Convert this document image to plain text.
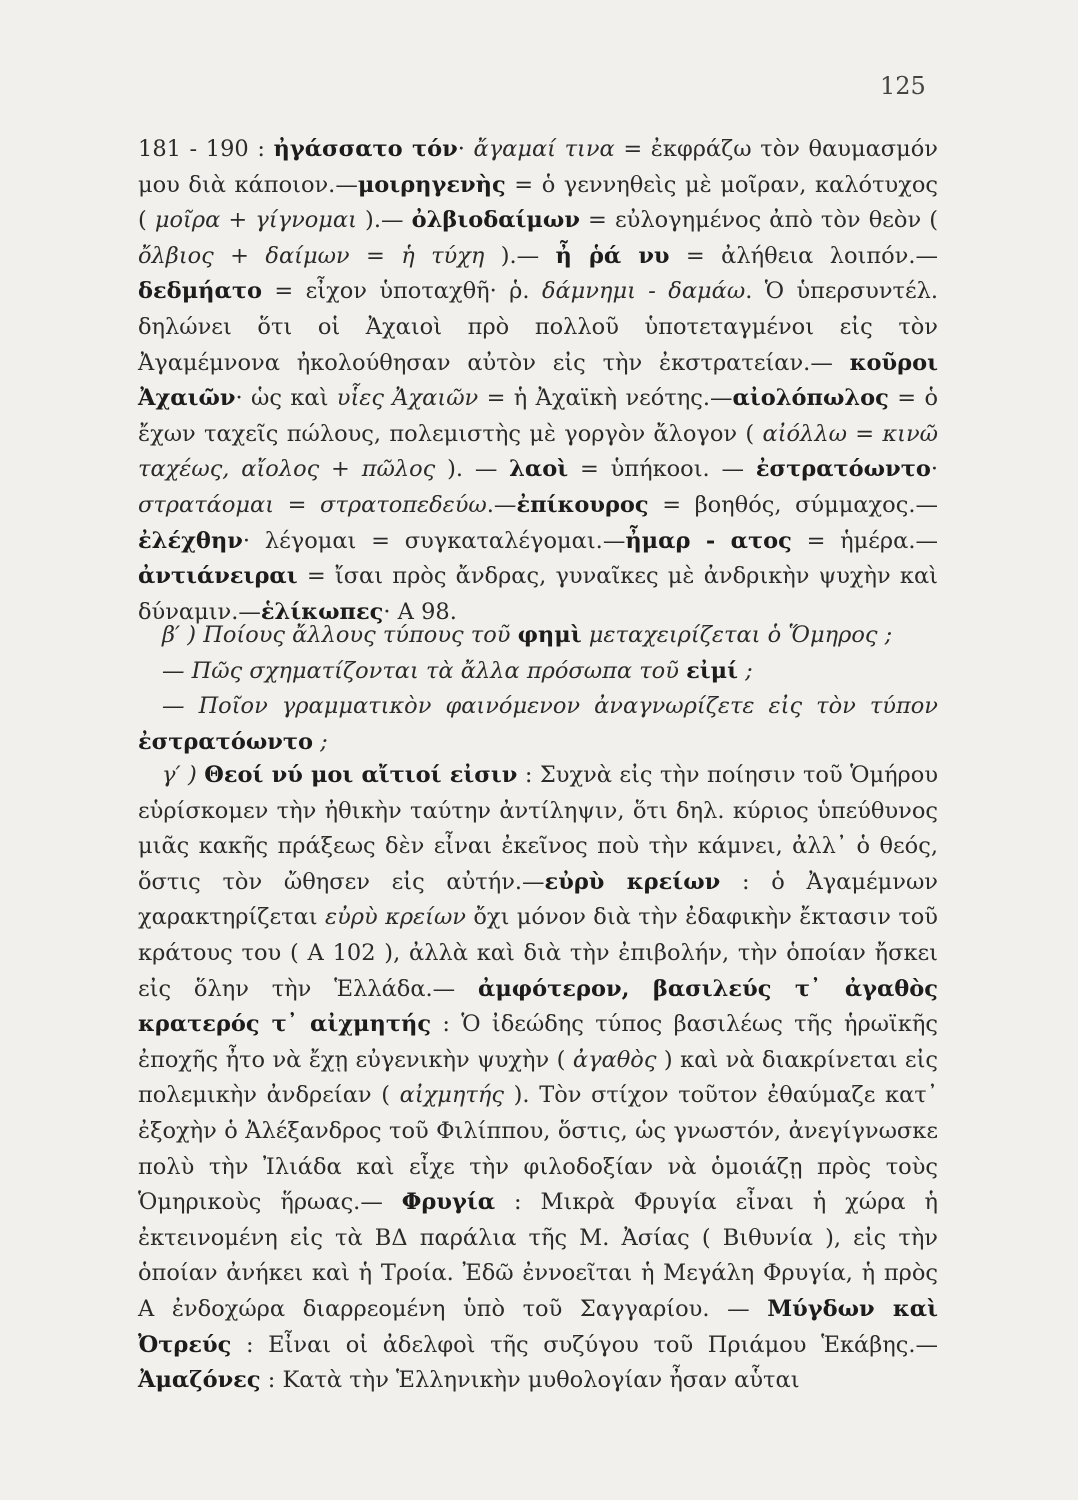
125

181 - 190 : ἠγάσσατο τόν· ἄγαμαί τινα = ἐκφράζω τὸν θαυμασμόν μου διὰ κάποιον.—μοιρηγενὴς = ὁ γεννηθεὶς μὲ μοῖραν, καλότυχος ( μοῖρα + γίγνομαι ).— ὀλβιοδαίμων = εὐλογημένος ἀπὸ τὸν θεὸν ( ὄλβιος + δαίμων = ἡ τύχη ).— ἦ ῥά νυ = ἀλήθεια λοιπόν.— δεδμήατο = εἶχον ὑποταχθῆ· ῥ. δάμνημι - δαμάω. Ὁ ὑπερσυντέλ. δηλώνει ὅτι οἱ Ἀχαιοὶ πρὸ πολλοῦ ὑποτεταγμένοι εἰς τὸν Ἀγαμέμνονα ἠκολούθησαν αὐτὸν εἰς τὴν ἐκστρατείαν.— κοῦροι Ἀχαιῶν· ὡς καὶ υἷες Ἀχαιῶν = ἡ Ἀχαϊκὴ νεότης.—αἰολόπωλος = ὁ ἔχων ταχεῖς πώλους, πολεμιστὴς μὲ γοργὸν ἄλογον ( αἰόλλω = κινῶ ταχέως, αἴολος + πῶλος ). — λαοὶ = ὑπήκοοι. — ἐστρατόωντο· στρατάομαι = στρατοπεδεύω.—ἐπίκουρος = βοηθός, σύμμαχος.— ἐλέχθην· λέγομαι = συγκαταλέγομαι.—ἦμαρ - ατος = ἡμέρα.— ἀντιάνειραι = ἴσαι πρὸς ἄνδρας, γυναῖκες μὲ ἀνδρικὴν ψυχὴν καὶ δύναμιν.—ἑλίκωπες· Α 98.

β′ ) Ποίους ἄλλους τύπους τοῦ φημὶ μεταχειρίζεται ὁ Ὅμηρος ;

— Πῶς σχηματίζονται τὰ ἄλλα πρόσωπα τοῦ εἰμί ;

— Ποῖον γραμματικὸν φαινόμενον ἀναγνωρίζετε εἰς τὸν τύπον ἐστρατόωντο ;

γ′ ) Θεοί νύ μοι αἴτιοί εἰσιν : Συχνὰ εἰς τὴν ποίησιν τοῦ Ὁμήρου εὑρίσκομεν τὴν ἠθικὴν ταύτην ἀντίληψιν, ὅτι δηλ. κύριος ὑπεύθυνος μιᾶς κακῆς πράξεως δὲν εἶναι ἐκεῖνος ποὺ τὴν κάμνει, ἀλλ᾽ ὁ θεός, ὅστις τὸν ὤθησεν εἰς αὐτήν.—εὐρὺ κρείων : ὁ Ἀγαμέμνων χαρακτηρίζεται εὐρὺ κρείων ὄχι μόνον διὰ τὴν ἐδαφικὴν ἔκτασιν τοῦ κράτους του ( Α 102 ), ἀλλὰ καὶ διὰ τὴν ἐπιβολήν, τὴν ὁποίαν ἤσκει εἰς ὅλην τὴν Ἑλλάδα.— ἀμφότερον, βασιλεύς τ᾽ ἀγαθὸς κρατερός τ᾽ αἰχμητής : Ὁ ἰδεώδης τύπος βασιλέως τῆς ἡρωϊκῆς ἐποχῆς ἦτο νὰ ἔχῃ εὐγενικὴν ψυχὴν ( ἀγαθὸς ) καὶ νὰ διακρίνεται εἰς πολεμικὴν ἀνδρείαν ( αἰχμητής ). Τὸν στίχον τοῦτον ἐθαύμαζε κατ᾽ ἐξοχὴν ὁ Ἀλέξανδρος τοῦ Φιλίππου, ὅστις, ὡς γνωστόν, ἀνεγίγνωσκε πολὺ τὴν Ἰλιάδα καὶ εἶχε τὴν φιλοδοξίαν νὰ ὁμοιάζῃ πρὸς τοὺς Ὁμηρικοὺς ἥρωας.— Φρυγία : Μικρὰ Φρυγία εἶναι ἡ χώρα ἡ ἐκτεινομένη εἰς τὰ ΒΔ παράλια τῆς Μ. Ἀσίας ( Βιθυνία ), εἰς τὴν ὁποίαν ἀνήκει καὶ ἡ Τροία. Ἐδῶ ἐννοεῖται ἡ Μεγάλη Φρυγία, ἡ πρὸς Α ἐνδοχώρα διαρρεομένη ὑπὸ τοῦ Σαγγαρίου. — Μύγδων καὶ Ὀτρεύς : Εἶναι οἱ ἀδελφοὶ τῆς συζύγου τοῦ Πριάμου Ἑκάβης.—Ἀμαζόνες : Κατὰ τὴν Ἑλληνικὴν μυθολογίαν ἦσαν αὗται
